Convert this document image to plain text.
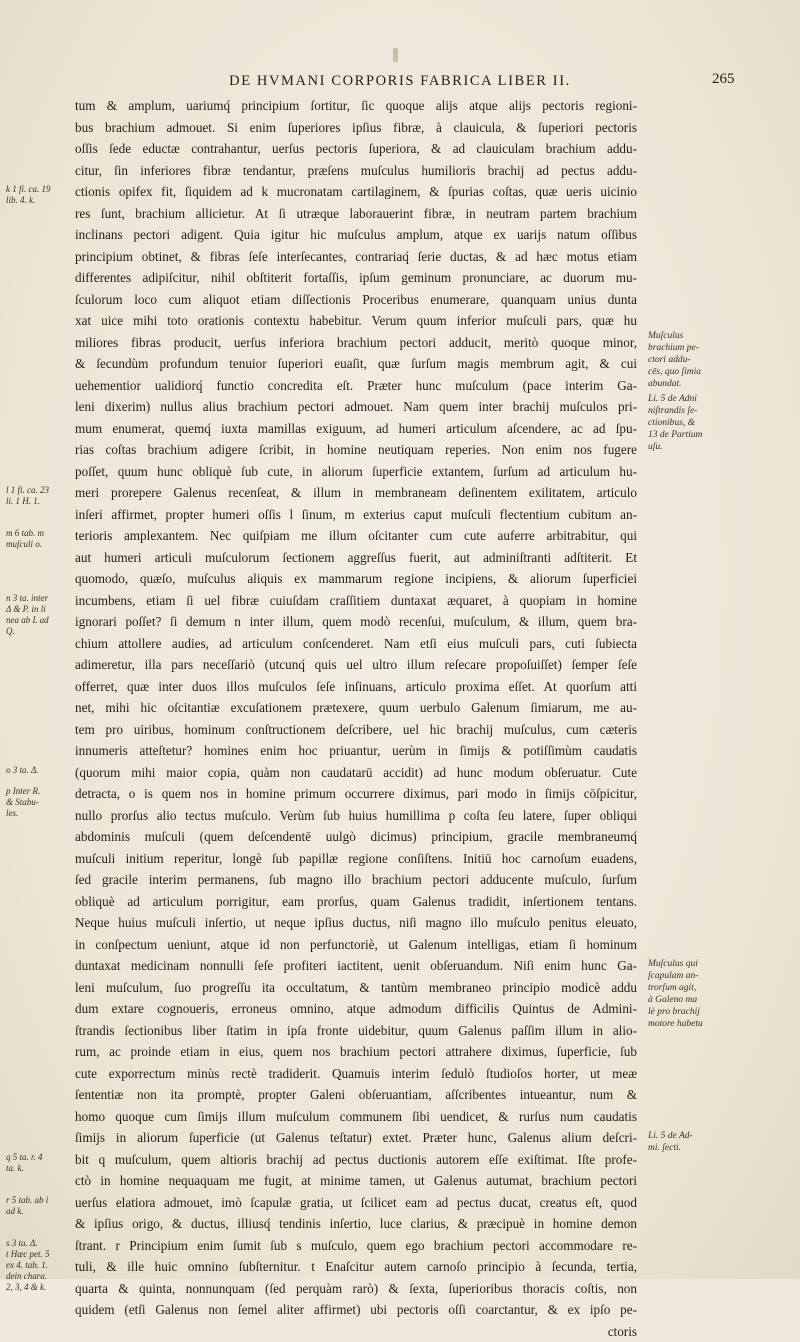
DE HVMANI CORPORIS FABRICA LIBER II.	265
tum & amplum, uariumq́ principium ſortitur, ſic quoque alijs atque alijs pectoris regioni-
bus brachium admouet. Si enim ſuperiores ipſius fibræ, à clauicula, & ſuperiori pectoris
oſſis ſede eductæ contrahantur, uerſus pectoris ſuperiora, & ad clauiculam brachium addu-
citur, ſin inferiores fibræ tendantur, præſens muſculus humilioris brachij ad pectus addu-
ctionis opifex fit, ſiquidem ad k mucronatam cartilaginem, & ſpurias coſtas, quæ ueris uicinio
res ſunt, brachium allicietur. At ſi utræque laborauerint fibræ, in neutram partem brachium
inclinans pectori adigent. Quia igitur hic muſculus amplum, atque ex uarijs natum oſſibus
principium obtinet, & fibras ſeſe interſecantes, contrariaq́ ſerie ductas, & ad hæc motus etiam
differentes adipiſcitur, nihil obſtiterit fortaſſis, ipſum geminum pronunciare, ac duorum mu-
ſculorum loco cum aliquot etiam diſſectionis Proceribus enumerare, quanquam unius dunta
xat uice mihi toto orationis contextu habebitur. Verum quum inferior muſculi pars, quæ hu
miliores fibras producit, uerſus inferiora brachium pectori adducit, meritò quoque minor,
& ſecundùm profundum tenuior ſuperiori euaſit, quæ ſurſum magis membrum agit, & cui
uehementior ualidiorq́ functio concredita eſt. Præter hunc muſculum (pace interim Ga-
leni dixerim) nullus alius brachium pectori admouet. Nam quem inter brachij muſculos pri-
mum enumerat, quemq́ iuxta mamillas exiguum, ad humeri articulum aſcendere, ac ad ſpu-
rias coſtas brachium adigere ſcribit, in homine neutiquam reperies. Non enim nos fugere
poſſet, quum hunc obliquè ſub cute, in aliorum ſuperficie extantem, ſurſum ad articulum hu-
meri prorepere Galenus recenſeat, & illum in membraneam deſinentem exilitatem, articulo
inſeri affirmet, propter humeri oſſis l ſinum, m exterius caput muſculi flectentium cubitum an-
terioris amplexantem. Nec quiſpiam me illum oſcitanter cum cute auferre arbitrabitur, qui
aut humeri articuli muſculorum ſectionem aggreſſus fuerit, aut adminiſtranti adſtiterit. Et
quomodo, quæſo, muſculus aliquis ex mammarum regione incipiens, & aliorum ſuperficiei
incumbens, etiam ſi uel fibræ cuiuſdam craſſitiem duntaxat æquaret, à quopiam in homine
ignorari poſſet? ſi demum n inter illum, quem modò recenſui, muſculum, & illum, quem bra-
chium attollere audies, ad articulum conſcenderet. Nam etſi eius muſculi pars, cuti ſubiecta
adimeretur, illa pars neceſſariò (utcunq́ quis uel ultro illum reſecare propoſuiſſet) ſemper ſeſe
offerret, quæ inter duos illos muſculos ſeſe inſinuans, articulo proxima eſſet. At quorſum atti
net, mihi hic oſcitantiæ excuſationem prætexere, quum uerbulo Galenum ſimiarum, me au-
tem pro uiribus, hominum conſtructionem deſcribere, uel hic brachij muſculus, cum cæteris
innumeris atteſtetur? homines enim hoc priuantur, uerùm in ſimijs & potiſſimùm caudatis
(quorum mihi maior copia, quàm non caudatarū accidit) ad hunc modum obſeruatur. Cute
detracta, o is quem nos in homine primum occurrere diximus, pari modo in ſimijs cōſpicitur,
nullo prorſus alio tectus muſculo. Verùm ſub huius humillima p coſta ſeu latere, ſuper obliqui
abdominis muſculi (quem deſcendentē uulgò dicimus) principium, gracile membraneumq́
muſculi initium reperitur, longè ſub papillæ regione conſiſtens. Initiū hoc carnoſum euadens,
ſed gracile interim permanens, ſub magno illo brachium pectori adducente muſculo, ſurſum
obliquè ad articulum porrigitur, eam prorſus, quam Galenus tradidit, inſertionem tentans.
Neque huius muſculi inſertio, ut neque ipſius ductus, niſi magno illo muſculo penitus eleuato,
in conſpectum ueniunt, atque id non perfunctoriè, ut Galenum intelligas, etiam ſi hominum
duntaxat medicinam nonnulli ſeſe profiteri iactitent, uenit obſeruandum. Niſi enim hunc Ga-
leni muſculum, ſuo progreſſu ita occultatum, & tantùm membraneo principio modicè addu
dum extare cognoueris, erroneus omnino, atque admodum difficilis Quintus de Admini-
ſtrandis ſectionibus liber ſtatim in ipſa fronte uidebitur, quum Galenus paſſim illum in alio-
rum, ac proinde etiam in eius, quem nos brachium pectori attrahere diximus, ſuperficie, ſub
cute exporrectum minùs rectè tradiderit. Quamuis interim ſedulò ſtudioſos horter, ut meæ
ſententiæ non ita promptè, propter Galeni obſeruantiam, aſſcribentes intueantur, num &
homo quoque cum ſimijs illum muſculum communem ſibi uendicet, & rurſus num caudatis
ſimijs in aliorum ſuperficie (ut Galenus teſtatur) extet. Præter hunc, Galenus alium deſcri-
bit q muſculum, quem altioris brachij ad pectus ductionis autorem eſſe exiſtimat. Iſte profe-
ctò in homine nequaquam me fugit, at minime tamen, ut Galenus autumat, brachium pectori
uerſus elatiora admouet, imò ſcapulæ gratia, ut ſcilicet eam ad pectus ducat, creatus eſt, quod
& ipſius origo, & ductus, illiusq́ tendinis inſertio, luce clarius, & præcipuè in homine demon
ſtrant. r Principium enim ſumit ſub s muſculo, quem ego brachium pectori accommodare re-
tuli, & ille huic omnino ſubſternitur. t Enaſcitur autem carnoſo principio à ſecunda, tertia,
quarta & quinta, nonnunquam (ſed perquàm rarò) & ſexta, ſuperioribus thoracis coſtis, non
quidem (etſi Galenus non ſemel aliter affirmet) ubi pectoris oſſi coarctantur, & ex ipſo pe-
ctoris
k 1 fi. ca. 19
lib. 4. k.
l 1 fi. ca. 23
li. 1 H. 1.
m 6 tab. m
muſculi o.
n 3 ta. inter
Δ & P. in li
nea ab L ad
Q.
o 3 ta. Δ.
p Inter R.
& Stabu-
les.
q 5 ta. r. 4
ta. k.
r 5 tab. ab i
ad k.
s 3 ta. Δ.
t Hæc pet. 5
ex 4. tab. 1.
dein chara.
2, 3, 4 & k.
Muſculus
brachium pe-
ctori addu-
cēs, quo ſimia
abundat.
Li. 5 de Adni
niſtrandis ſe-
ctionibus, &
13 de Partium
uſu.
Muſculus qui
ſcapulam an-
trorſum agit,
à Galeno ma
lè pro brachij
motore habetu
Li. 5 de Ad-
mi. ſecti.
